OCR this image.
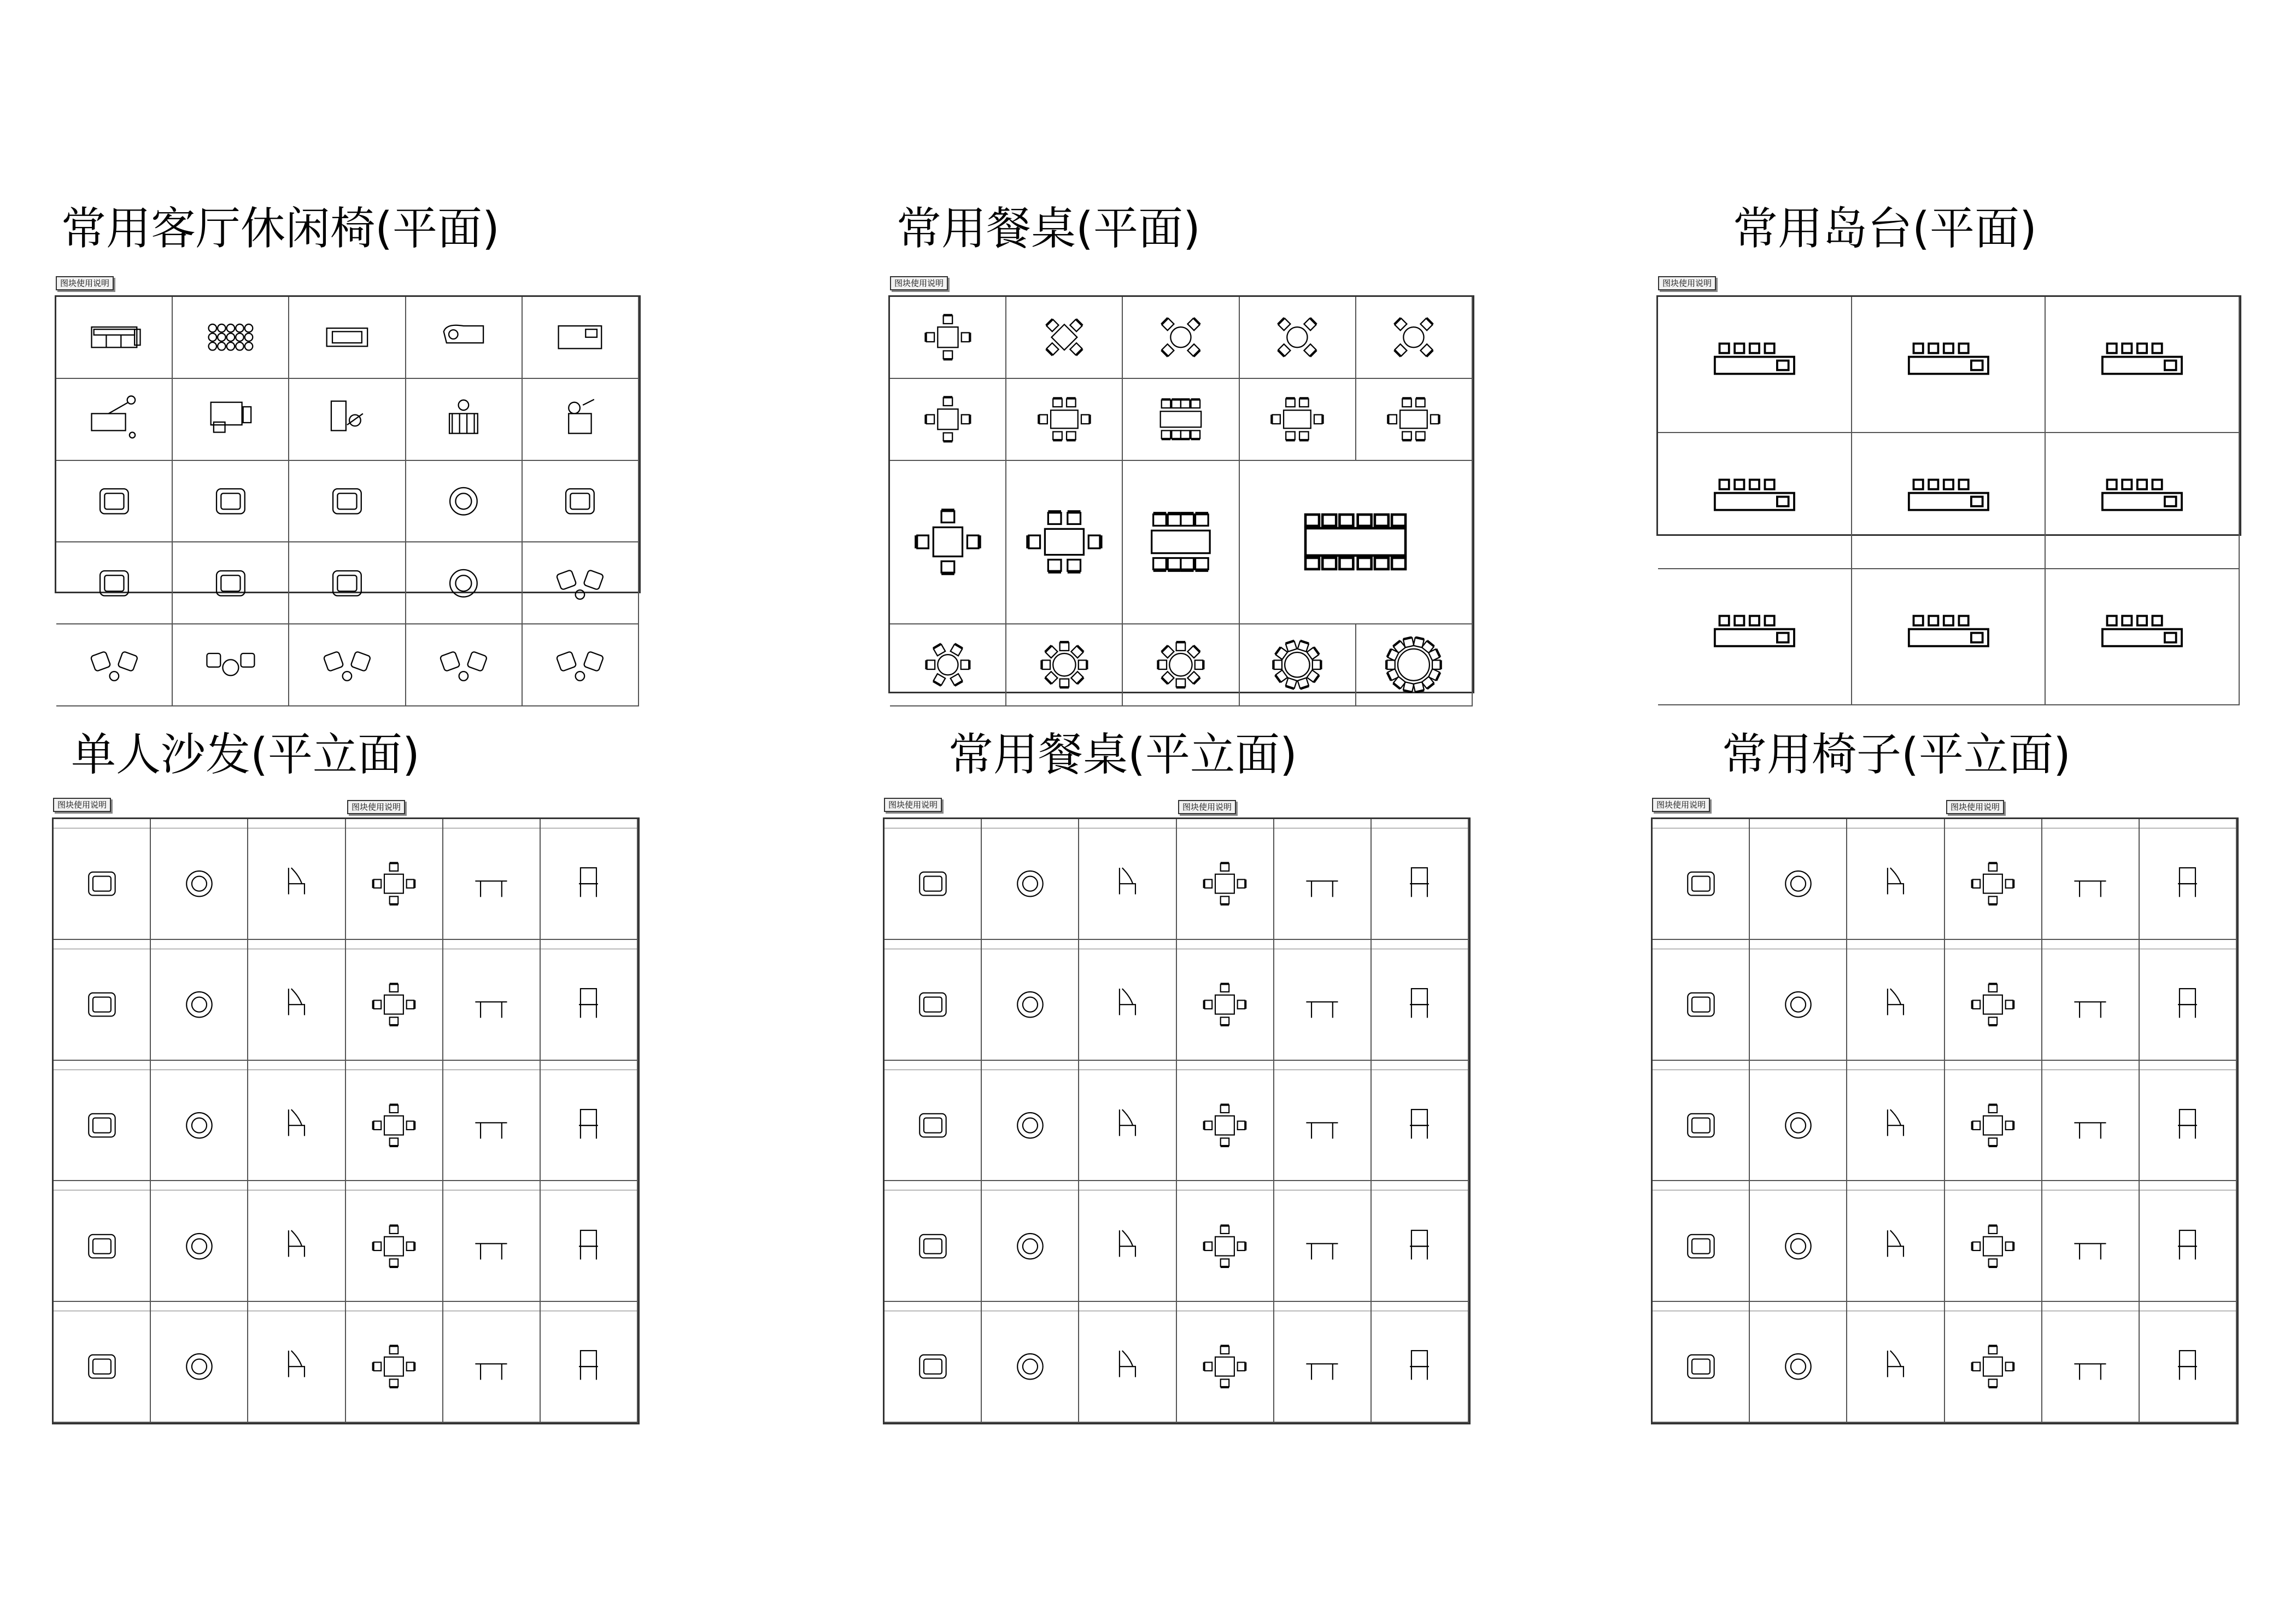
常用客厅休闲椅(平面)	常用餐桌(平面)	常用岛台(平面)
单人沙发(平立面)	常用餐桌(平立面)	常用椅子(平立面)
图块使用说明	图块使用说明	图块使用说明
图块使用说明	图块使用说明	图块使用说明	图块使用说明	图块使用说明	图块使用说明
